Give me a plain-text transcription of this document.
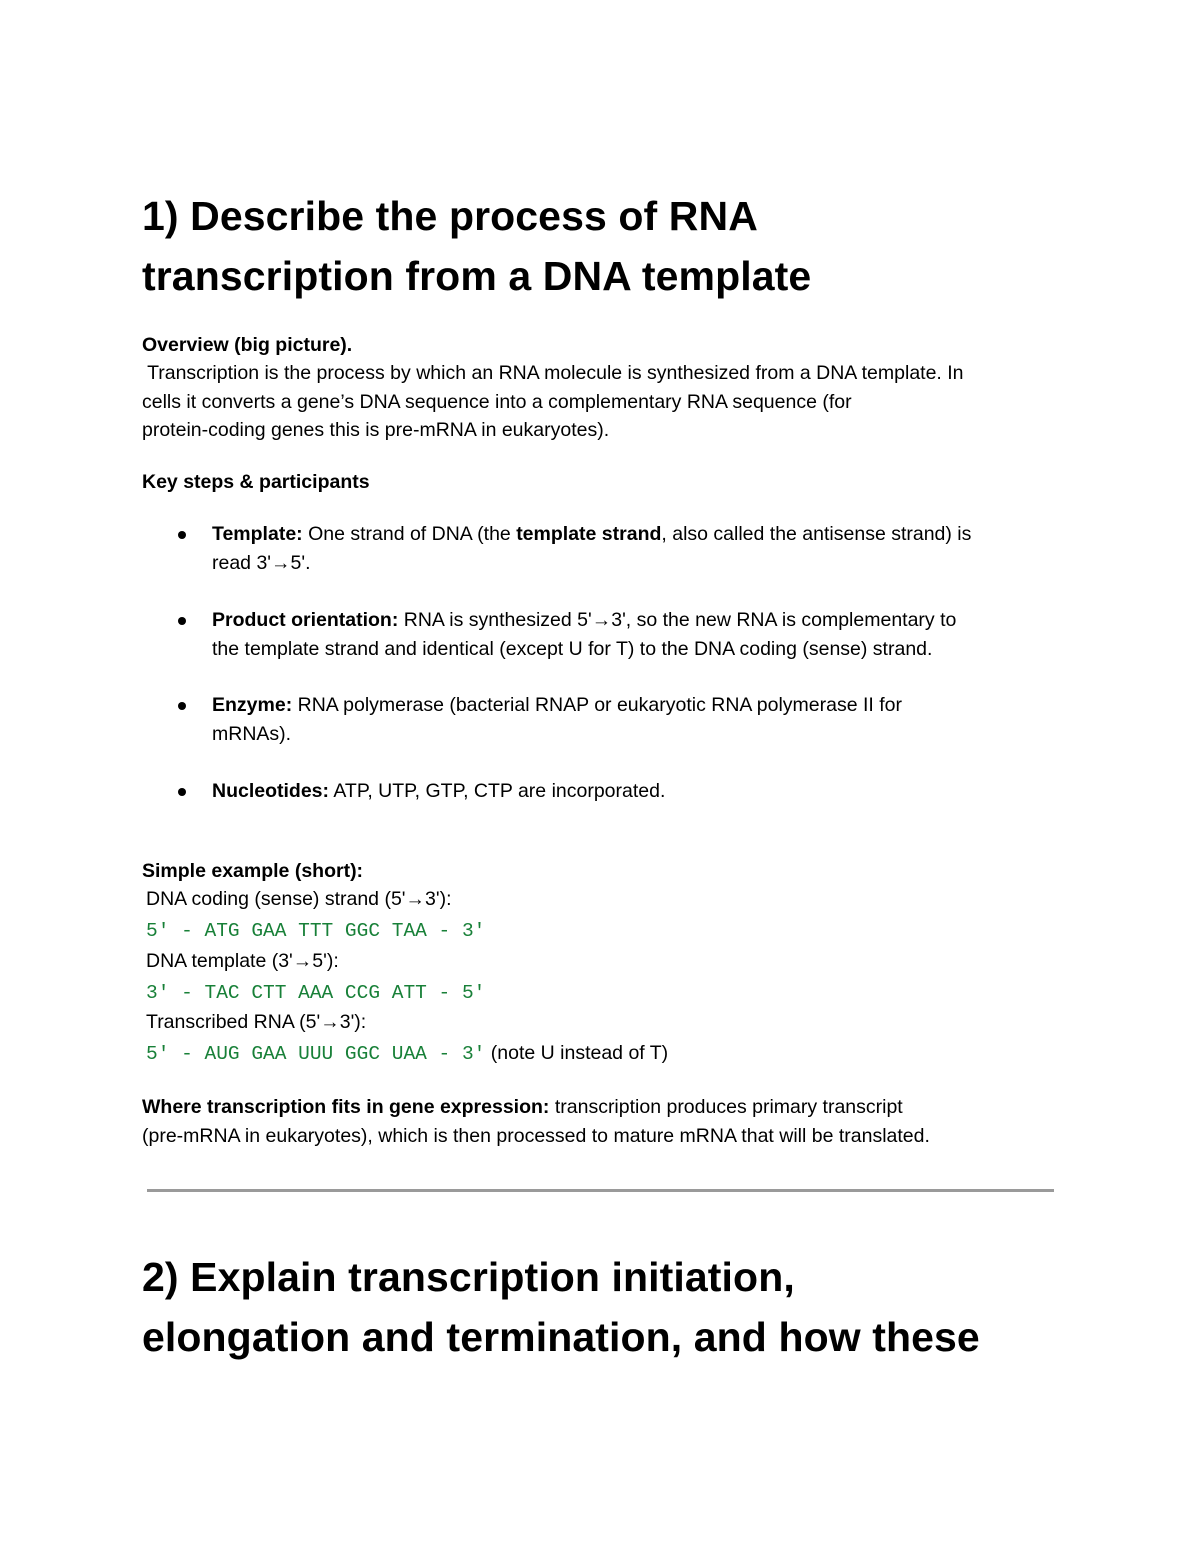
1) Describe the process of RNA
transcription from a DNA template

Overview (big picture).

Transcription is the process by which an RNA molecule is synthesized from a DNA template. In
cells it converts a gene’s DNA sequence into a complementary RNA sequence (for
protein-coding genes this is pre-mRNA in eukaryotes).

Key steps & participants

Template: One strand of DNA (the template strand, also called the antisense strand) is
read 3'→5'.
Product orientation: RNA is synthesized 5'→3', so the new RNA is complementary to
the template strand and identical (except U for T) to the DNA coding (sense) strand.
Enzyme: RNA polymerase (bacterial RNAP or eukaryotic RNA polymerase II for
mRNAs).
Nucleotides: ATP, UTP, GTP, CTP are incorporated.

Simple example (short):

DNA coding (sense) strand (5'→3'):
5' - ATG GAA TTT GGC TAA - 3'
DNA template (3'→5'):
3' - TAC CTT AAA CCG ATT - 5'
Transcribed RNA (5'→3'):
5' - AUG GAA UUU GGC UAA - 3' (note U instead of T)

Where transcription fits in gene expression: transcription produces primary transcript
(pre-mRNA in eukaryotes), which is then processed to mature mRNA that will be translated.

2) Explain transcription initiation,
elongation and termination, and how these
